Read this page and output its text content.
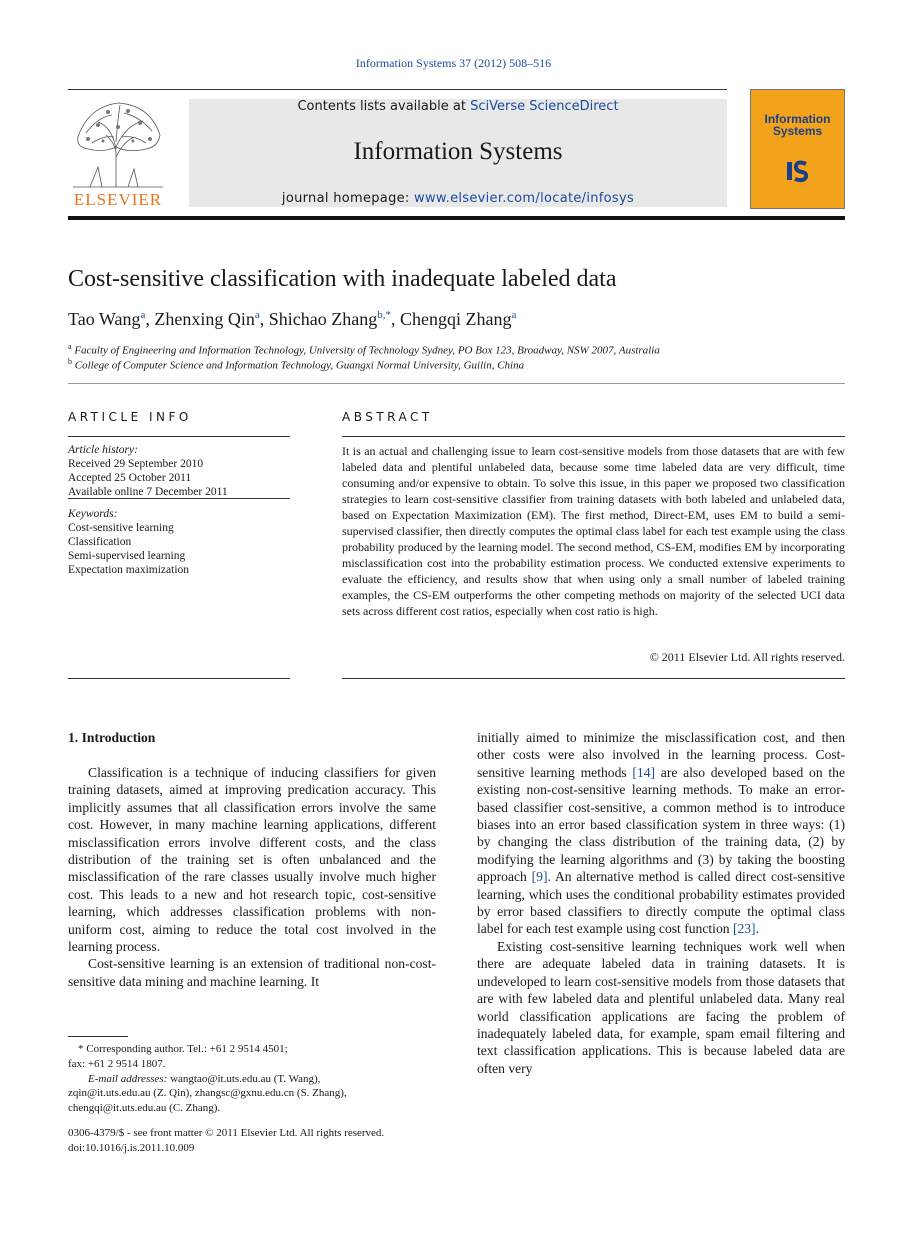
Information Systems 37 (2012) 508–516
ELSEVIER
Contents lists available at SciVerse ScienceDirect
Information Systems
journal homepage: www.elsevier.com/locate/infosys
Information
Systems
Cost-sensitive classification with inadequate labeled data
Tao Wang$^a$, Zhenxing Qin$^a$, Shichao Zhang$^{b,*}$, Chengqi Zhang$^a$
$^a$ Faculty of Engineering and Information Technology, University of Technology Sydney, PO Box 123, Broadway, NSW 2007, Australia
$^b$ College of Computer Science and Information Technology, Guangxi Normal University, Guilin, China
ARTICLE INFO
Article history:
Received 29 September 2010
Accepted 25 October 2011
Available online 7 December 2011
Keywords:
Cost-sensitive learning
Classification
Semi-supervised learning
Expectation maximization
ABSTRACT
It is an actual and challenging issue to learn cost-sensitive models from those datasets that are with few labeled data and plentiful unlabeled data, because some time labeled data are very difficult, time consuming and/or expensive to obtain. To solve this issue, in this paper we proposed two classification strategies to learn cost-sensitive classifier from training datasets with both labeled and unlabeled data, based on Expectation Maximization (EM). The first method, Direct-EM, uses EM to build a semi-supervised classifier, then directly computes the optimal class label for each test example using the class probability produced by the learning model. The second method, CS-EM, modifies EM by incorporating misclassification cost into the probability estimation process. We conducted extensive experiments to evaluate the efficiency, and results show that when using only a small number of labeled training examples, the CS-EM outperforms the other competing methods on majority of the selected UCI data sets across different cost ratios, especially when cost ratio is high.
© 2011 Elsevier Ltd. All rights reserved.
1. Introduction

Classification is a technique of inducing classifiers for given training datasets, aimed at improving predication accuracy. This implicitly assumes that all classification errors involve the same cost. However, in many machine learning applications, different misclassification errors involve different costs, and the class distribution of the training set is often unbalanced and the misclassification of the rare classes usually involve much higher cost. This leads to a new and hot research topic, cost-sensitive learning, which addresses classification problems with non-uniform cost, aiming to reduce the total cost involved in the learning process.

Cost-sensitive learning is an extension of traditional non-cost-sensitive data mining and machine learning. It

initially aimed to minimize the misclassification cost, and then other costs were also involved in the learning process. Cost-sensitive learning methods [14] are also developed based on the existing non-cost-sensitive learning methods. To make an error-based classifier cost-sensitive, a common method is to introduce biases into an error based classification system in three ways: (1) by changing the class distribution of the training data, (2) by modifying the learning algorithms and (3) by taking the boosting approach [9]. An alternative method is called direct cost-sensitive learning, which uses the conditional probability estimates provided by error based classifiers to directly compute the optimal class label for each test example using cost function [23].

Existing cost-sensitive learning techniques work well when there are adequate labeled data in training datasets. It is undeveloped to learn cost-sensitive models from those datasets that are with few labeled data and plentiful unlabeled data. Many real world classification applications are facing the problem of inadequately labeled data, for example, spam email filtering and text classification applications. This is because labeled data are often very

* Corresponding author. Tel.: +61 2 9514 4501;
fax: +61 2 9514 1807.
E-mail addresses: wangtao@it.uts.edu.au (T. Wang),
zqin@it.uts.edu.au (Z. Qin), zhangsc@gxnu.edu.cn (S. Zhang),
chengqi@it.uts.edu.au (C. Zhang).
0306-4379/$ - see front matter © 2011 Elsevier Ltd. All rights reserved.
doi:10.1016/j.is.2011.10.009
